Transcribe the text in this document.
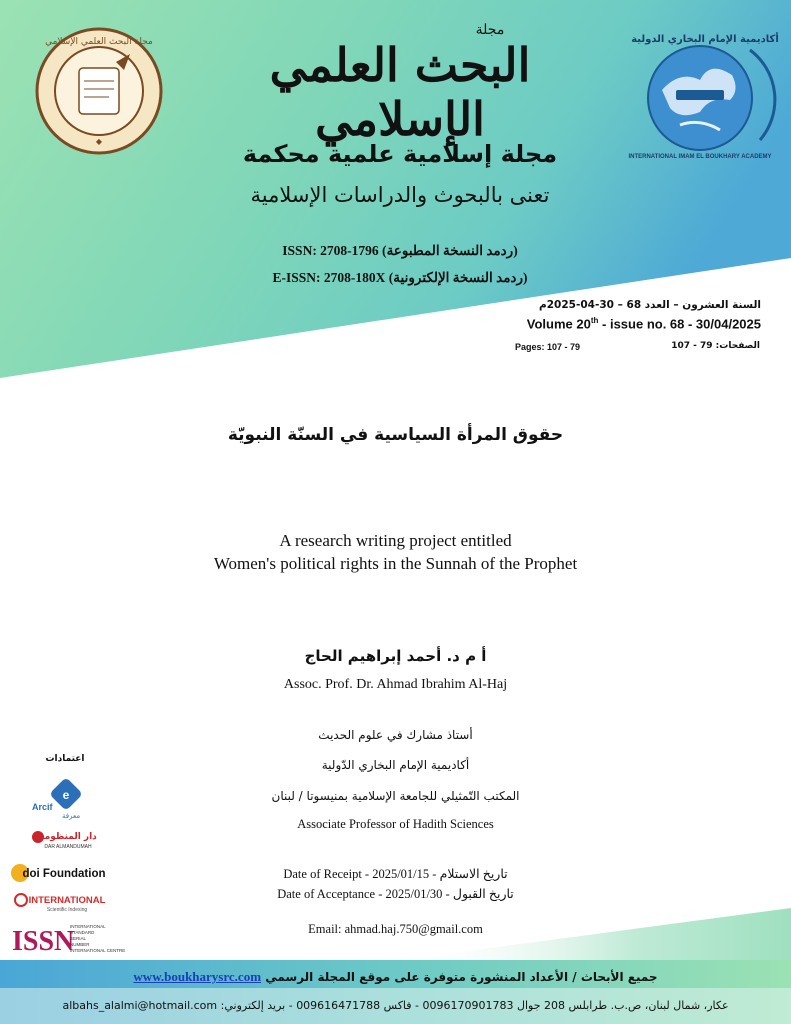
مجلة البحث العلمي الإسلامي
◆
أكاديمية الإمام البخاري الدولية
INTERNATIONAL IMAM EL BOUKHARY ACADEMY
مجلة
البحث العلمي الإسلامي
مجلة إسلامية علمية محكمة
تعنى بالبحوث والدراسات الإسلامية
ISSN: 2708-1796 (ردمد النسخة المطبوعة)
E-ISSN: 2708-180X (ردمد النسخة الإلكترونية)
السنة العشرون – العدد 68 – 30-04-2025م
Volume 20th - issue no. 68 - 30/04/2025
Pages: 107 - 79	الصفحات: 79 - 107
حقوق المرأة السياسية في السنّة النبويّة
A research writing project entitled
Women's political rights in the Sunnah of the Prophet
أ م د. أحمد إبراهيم الحاج
Assoc. Prof. Dr. Ahmad Ibrahim Al-Haj
أستاذ مشارك في علوم الحديث
أكاديمية الإمام البخاري الدّولية
المكتب التّمثيلي للجامعة الإسلامية بمنيسوتا / لبنان
Associate Professor of Hadith Sciences
Date of Receipt - 2025/01/15 - تاريخ الاستلام
Date of Acceptance - 2025/01/30 - تاريخ القبول
Email: ahmad.haj.750@gmail.com
اعتمادات
e
Arcif
معرفة
دار المنظومة
DAR ALMANDUMAH
doi Foundation
INTERNATIONAL
Scientific Indexing
ISSN
INTERNATIONAL
STANDARD
SERIAL
NUMBER
INTERNATIONAL CENTRE
www.boukharysrc.com جميع الأبحاث / الأعداد المنشورة متوفرة على موقع المجلة الرسمي
عكار، شمال لبنان، ص.ب. طرابلس 208 جوال 0096170901783 - فاكس 009616471788 - بريد إلكتروني: albahs_alalmi@hotmail.com
